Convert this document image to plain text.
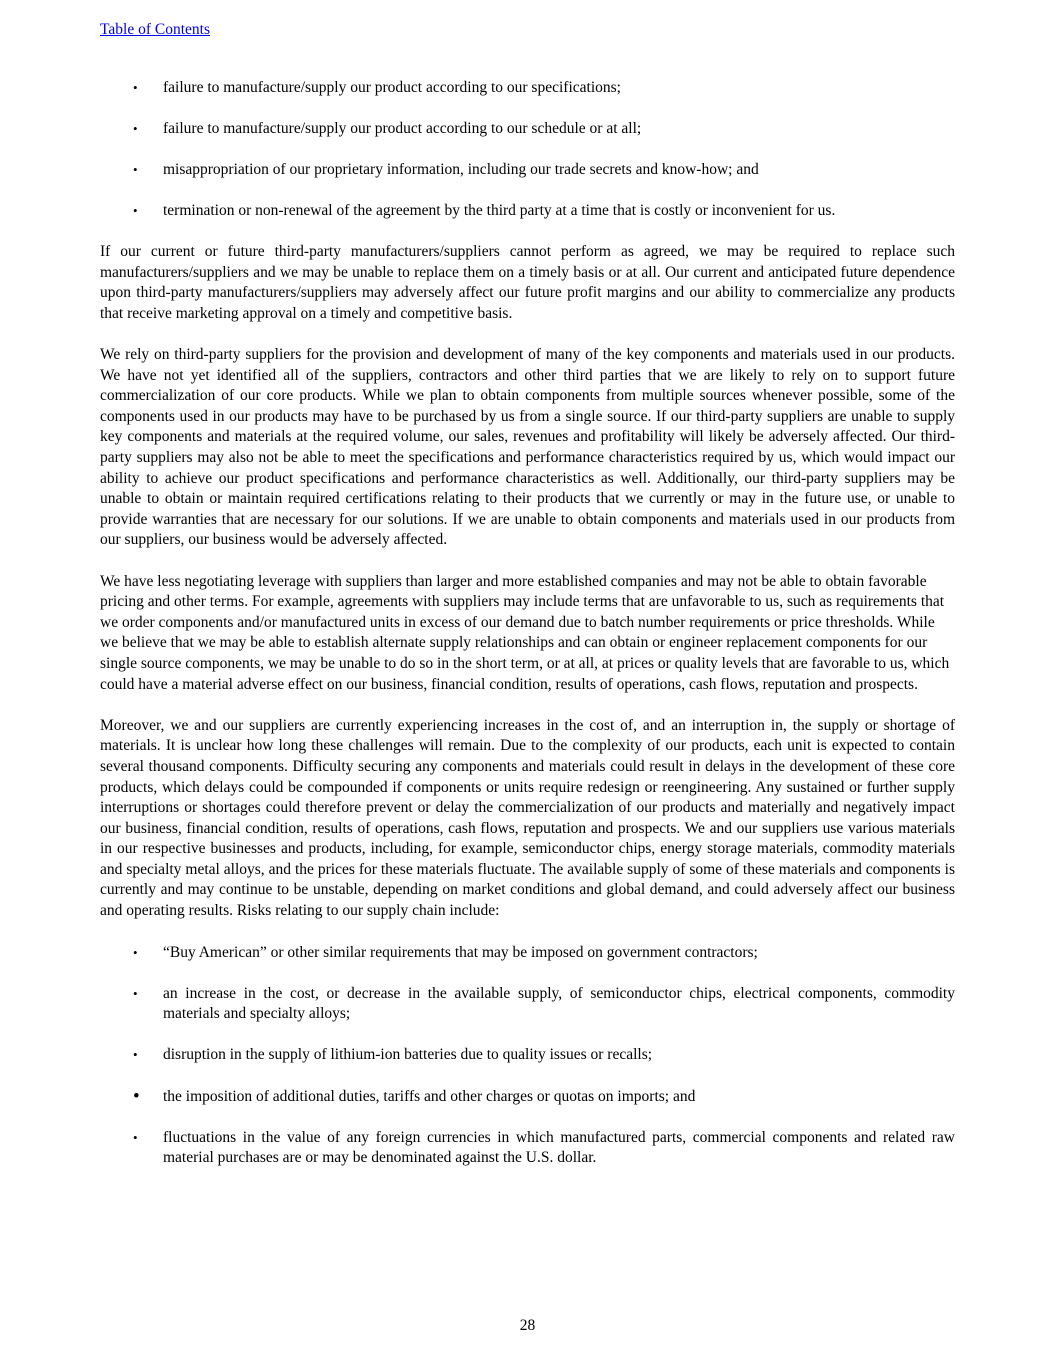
Table of Contents
•	failure to manufacture/supply our product according to our specifications;
•	failure to manufacture/supply our product according to our schedule or at all;
•	misappropriation of our proprietary information, including our trade secrets and know-how; and
•	termination or non-renewal of the agreement by the third party at a time that is costly or inconvenient for us.

If our current or future third-party manufacturers/suppliers cannot perform as agreed, we may be required to replace such manufacturers/suppliers and we may be unable to replace them on a timely basis or at all. Our current and anticipated future dependence upon third-party manufacturers/suppliers may adversely affect our future profit margins and our ability to commercialize any products that receive marketing approval on a timely and competitive basis.

We rely on third-party suppliers for the provision and development of many of the key components and materials used in our products. We have not yet identified all of the suppliers, contractors and other third parties that we are likely to rely on to support future commercialization of our core products. While we plan to obtain components from multiple sources whenever possible, some of the components used in our products may have to be purchased by us from a single source. If our third-party suppliers are unable to supply key components and materials at the required volume, our sales, revenues and profitability will likely be adversely affected. Our third-party suppliers may also not be able to meet the specifications and performance characteristics required by us, which would impact our ability to achieve our product specifications and performance characteristics as well. Additionally, our third-party suppliers may be unable to obtain or maintain required certifications relating to their products that we currently or may in the future use, or unable to provide warranties that are necessary for our solutions. If we are unable to obtain components and materials used in our products from our suppliers, our business would be adversely affected.

We have less negotiating leverage with suppliers than larger and more established companies and may not be able to obtain favorable pricing and other terms. For example, agreements with suppliers may include terms that are unfavorable to us, such as requirements that we order components and/or manufactured units in excess of our demand due to batch number requirements or price thresholds. While we believe that we may be able to establish alternate supply relationships and can obtain or engineer replacement components for our single source components, we may be unable to do so in the short term, or at all, at prices or quality levels that are favorable to us, which could have a material adverse effect on our business, financial condition, results of operations, cash flows, reputation and prospects.

Moreover, we and our suppliers are currently experiencing increases in the cost of, and an interruption in, the supply or shortage of materials. It is unclear how long these challenges will remain. Due to the complexity of our products, each unit is expected to contain several thousand components. Difficulty securing any components and materials could result in delays in the development of these core products, which delays could be compounded if components or units require redesign or reengineering. Any sustained or further supply interruptions or shortages could therefore prevent or delay the commercialization of our products and materially and negatively impact our business, financial condition, results of operations, cash flows, reputation and prospects. We and our suppliers use various materials in our respective businesses and products, including, for example, semiconductor chips, energy storage materials, commodity materials and specialty metal alloys, and the prices for these materials fluctuate. The available supply of some of these materials and components is currently and may continue to be unstable, depending on market conditions and global demand, and could adversely affect our business and operating results. Risks relating to our supply chain include:

•	“Buy American” or other similar requirements that may be imposed on government contractors;
•	an increase in the cost, or decrease in the available supply, of semiconductor chips, electrical components, commodity materials and specialty alloys;
•	disruption in the supply of lithium-ion batteries due to quality issues or recalls;
•	the imposition of additional duties, tariffs and other charges or quotas on imports; and
•	fluctuations in the value of any foreign currencies in which manufactured parts, commercial components and related raw material purchases are or may be denominated against the U.S. dollar.
28
